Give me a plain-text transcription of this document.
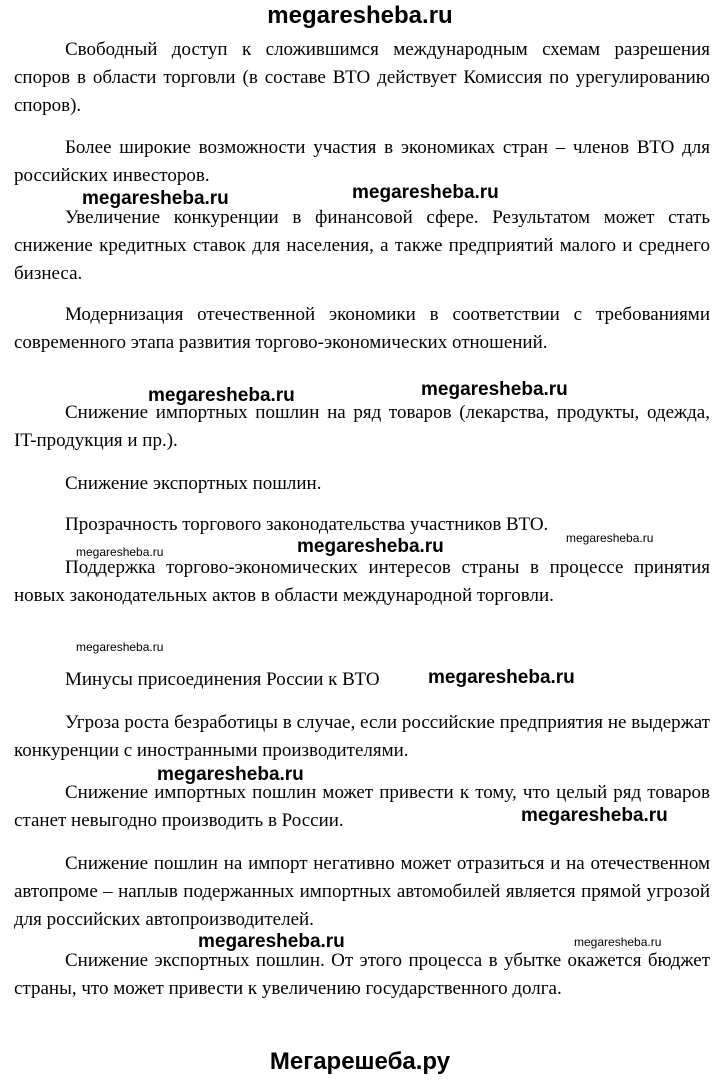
megaresheba.ru

Свободный доступ к сложившимся международным схемам разрешения споров в области торговли (в составе ВТО действует Комиссия по урегулированию споров).

Более широкие возможности участия в экономиках стран – членов ВТО для российских инвесторов.

Увеличение конкуренции в финансовой сфере. Результатом может стать снижение кредитных ставок для населения, а также предприятий малого и среднего бизнеса.

Модернизация отечественной экономики в соответствии с требованиями современного этапа развития торгово-экономических отношений.

Снижение импортных пошлин на ряд товаров (лекарства, продукты, одежда, IT-продукция и пр.).

Снижение экспортных пошлин.

Прозрачность торгового законодательства участников ВТО.

Поддержка торгово-экономических интересов страны в процессе принятия новых законодательных актов в области международной торговли.

Минусы присоединения России к ВТО

Угроза роста безработицы в случае, если российские предприятия не выдержат конкуренции с иностранными производителями.

Снижение импортных пошлин может привести к тому, что целый ряд товаров станет невыгодно производить в России.

Снижение пошлин на импорт негативно может отразиться и на отечественном автопроме – наплыв подержанных импортных автомобилей является прямой угрозой для российских автопроизводителей.

Снижение экспортных пошлин. От этого процесса в убытке окажется бюджет страны, что может привести к увеличению государственного долга.

megaresheba.ru	megaresheba.ru
megaresheba.ru	megaresheba.ru
megaresheba.ru	megaresheba.ru	megaresheba.ru
megaresheba.ru
megaresheba.ru
megaresheba.ru
megaresheba.ru
megaresheba.ru	megaresheba.ru
Мегарешеба.ру
